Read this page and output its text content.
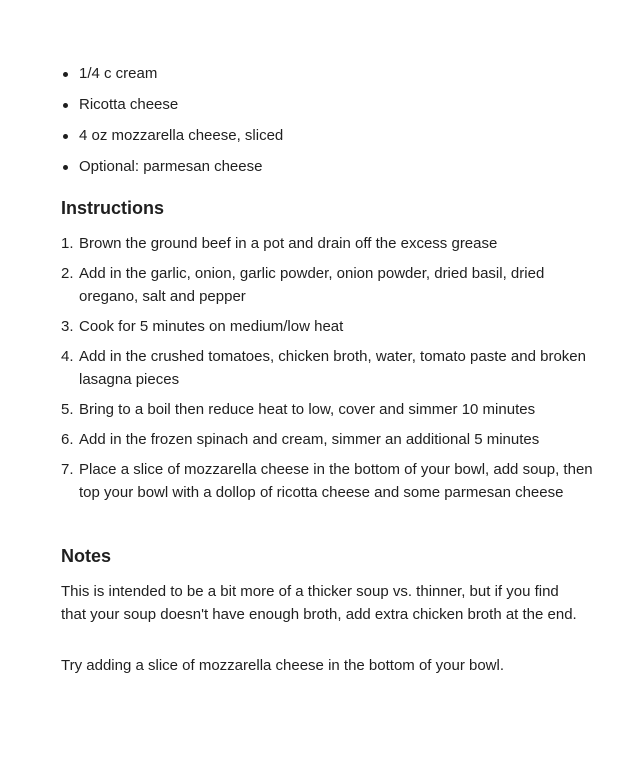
1/4 c cream
Ricotta cheese
4 oz mozzarella cheese, sliced
Optional: parmesan cheese
Instructions
1. Brown the ground beef in a pot and drain off the excess grease
2. Add in the garlic, onion, garlic powder, onion powder, dried basil, dried oregano, salt and pepper
3. Cook for 5 minutes on medium/low heat
4. Add in the crushed tomatoes, chicken broth, water, tomato paste and broken lasagna pieces
5. Bring to a boil then reduce heat to low, cover and simmer 10 minutes
6. Add in the frozen spinach and cream, simmer an additional 5 minutes
7. Place a slice of mozzarella cheese in the bottom of your bowl, add soup, then top your bowl with a dollop of ricotta cheese and some parmesan cheese
Notes

This is intended to be a bit more of a thicker soup vs. thinner, but if you find that your soup doesn't have enough broth, add extra chicken broth at the end.

Try adding a slice of mozzarella cheese in the bottom of your bowl.
